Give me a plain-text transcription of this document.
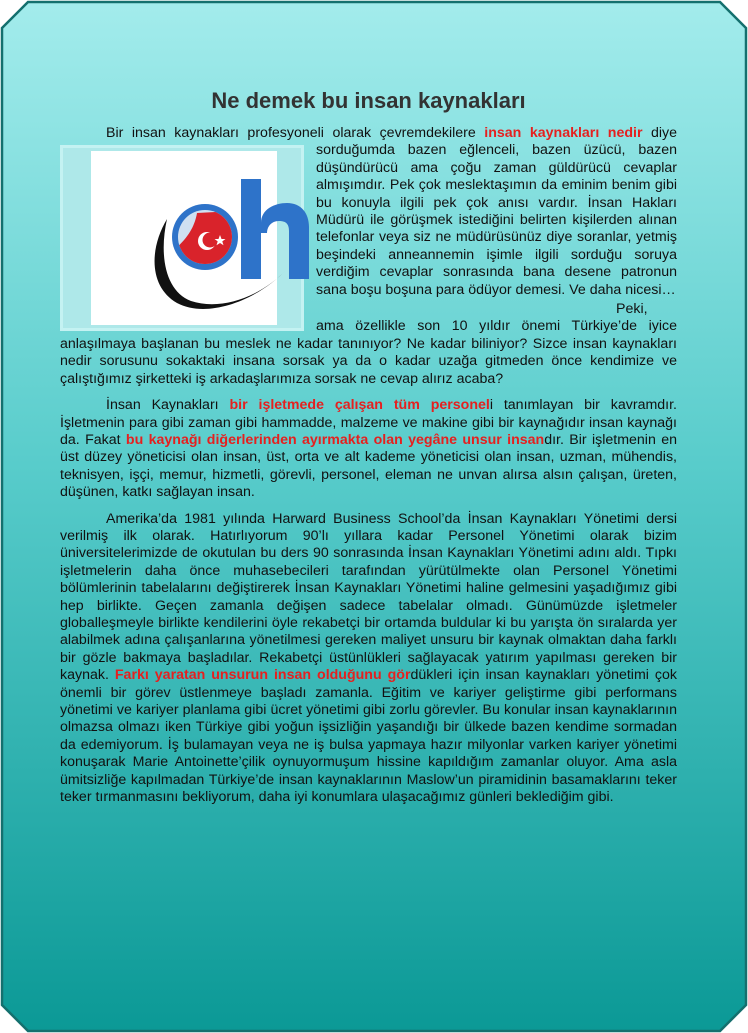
Ne demek bu insan kaynakları

Bir insan kaynakları profesyoneli olarak çevremdekilere insan kaynakları nedir
diye sorduğumda bazen eğlenceli, bazen üzücü, bazen düşündürücü ama çoğu zaman güldürücü cevaplar almışımdır. Pek çok meslektaşımın da eminim benim gibi bu konuyla ilgili pek çok anısı vardır. İnsan Hakları Müdürü ile görüşmek istediğini belirten kişilerden alınan telefonlar veya siz ne müdürüsünüz diye soranlar, yetmiş beşindeki anneannemin işimle ilgili sorduğu soruya verdiğim cevaplar sonrasında bana desene patronun sana boşu boşuna para ödüyor demesi. Ve daha nicesi…

Peki, ama özellikle son 10 yıldır önemi Türkiye’de iyice anlaşılmaya başlanan bu meslek ne kadar tanınıyor? Ne kadar biliniyor? Sizce insan kaynakları nedir sorusunu sokaktaki insana sorsak ya da o kadar uzağa gitmeden önce kendimize ve çalıştığımız şirketteki iş arkadaşlarımıza sorsak ne cevap alırız acaba?

İnsan Kaynakları bir işletmede çalışan tüm personeli tanımlayan bir kavramdır. İşletmenin para gibi zaman gibi hammadde, malzeme ve makine gibi bir kaynağıdır insan kaynağı da. Fakat bu kaynağı diğerlerinden ayırmakta olan yegâne unsur insandır. Bir işletmenin en üst düzey yöneticisi olan insan, üst, orta ve alt kademe yöneticisi olan insan, uzman, mühendis, teknisyen, işçi, memur, hizmetli, görevli, personel, eleman ne unvan alırsa alsın çalışan, üreten, düşünen, katkı sağlayan insan.

Amerika’da 1981 yılında Harward Business School’da İnsan Kaynakları Yönetimi dersi verilmiş ilk olarak. Hatırlıyorum 90’lı yıllara kadar Personel Yönetimi olarak bizim üniversitelerimizde de okutulan bu ders 90 sonrasında İnsan Kaynakları Yönetimi adını aldı. Tıpkı işletmelerin daha önce muhasebecileri tarafından yürütülmekte olan Personel Yönetimi bölümlerinin tabelalarını değiştirerek İnsan Kaynakları Yönetimi haline gelmesini yaşadığımız gibi hep birlikte. Geçen zamanla değişen sadece tabelalar olmadı. Günümüzde işletmeler globalleşmeyle birlikte kendilerini öyle rekabetçi bir ortamda buldular ki bu yarışta ön sıralarda yer alabilmek adına çalışanlarına yönetilmesi gereken maliyet unsuru bir kaynak olmaktan daha farklı bir gözle bakmaya başladılar. Rekabetçi üstünlükleri sağlayacak yatırım yapılması gereken bir kaynak. Farkı yaratan unsurun insan olduğunu gördükleri için insan kaynakları yönetimi çok önemli bir görev üstlenmeye başladı zamanla. Eğitim ve kariyer geliştirme gibi performans yönetimi ve kariyer planlama gibi ücret yönetimi gibi zorlu görevler. Bu konular insan kaynaklarının olmazsa olmazı iken Türkiye gibi yoğun işsizliğin yaşandığı bir ülkede bazen kendime sormadan da edemiyorum. İş bulamayan veya ne iş bulsa yapmaya hazır milyonlar varken kariyer yönetimi konuşarak Marie Antoinette’çilik oynuyormuşum hissine kapıldığım zamanlar oluyor. Ama asla ümitsizliğe kapılmadan Türkiye’de insan kaynaklarının Maslow’un piramidinin basamaklarını teker teker tırmanmasını bekliyorum, daha iyi konumlara ulaşacağımız günleri beklediğim gibi.
